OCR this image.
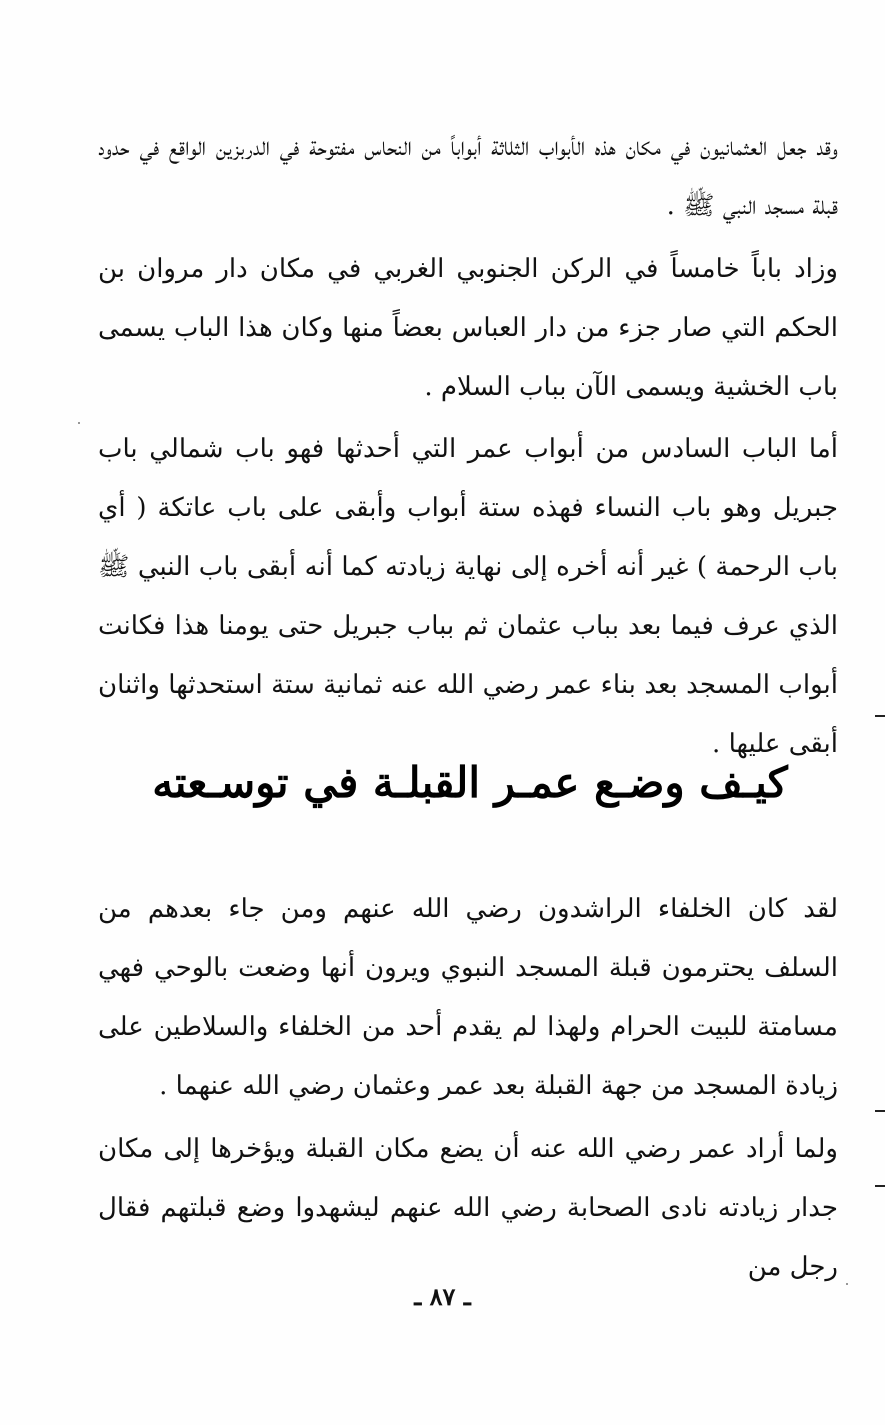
وقد جعل العثمانيون في مكان هذه الأبواب الثلاثة أبواباً من النحاس مفتوحة في الدربزين الواقع في حدود قبلة مسجد النبي ﷺ .

وزاد باباً خامساً في الركن الجنوبي الغربي في مكان دار مروان بن الحكم التي صار جزء من دار العباس بعضاً منها وكان هذا الباب يسمى باب الخشية ويسمى الآن بباب السلام .

أما الباب السادس من أبواب عمر التي أحدثها فهو باب شمالي باب جبريل وهو باب النساء فهذه ستة أبواب وأبقى على باب عاتكة ( أي باب الرحمة ) غير أنه أخره إلى نهاية زيادته كما أنه أبقى باب النبي ﷺ الذي عرف فيما بعد بباب عثمان ثم بباب جبريل حتى يومنا هذا فكانت أبواب المسجد بعد بناء عمر رضي الله عنه ثمانية ستة استحدثها واثنان أبقى عليها .

كيـف وضـع عمـر القبلـة في توسـعته

لقد كان الخلفاء الراشدون رضي الله عنهم ومن جاء بعدهم من السلف يحترمون قبلة المسجد النبوي ويرون أنها وضعت بالوحي فهي مسامتة للبيت الحرام ولهذا لم يقدم أحد من الخلفاء والسلاطين على زيادة المسجد من جهة القبلة بعد عمر وعثمان رضي الله عنهما .

ولما أراد عمر رضي الله عنه أن يضع مكان القبلة ويؤخرها إلى مكان جدار زيادته نادى الصحابة رضي الله عنهم ليشهدوا وضع قبلتهم فقال رجل من

ـ ٨٧ ـ
